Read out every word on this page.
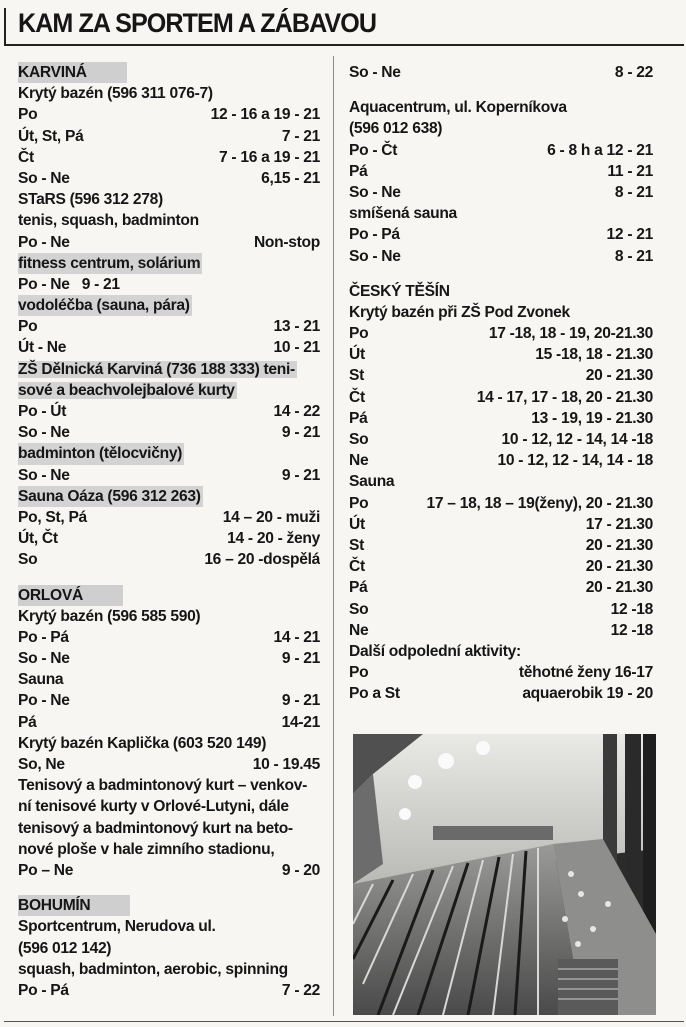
KAM ZA SPORTEM A ZÁBAVOU
KARVINÁ
Krytý bazén (596 311 076-7)
Po	12 - 16 a 19 - 21
Út, St, Pá	7 - 21
Čt	7 - 16 a 19 - 21
So - Ne	6,15 - 21
STaRS (596 312 278)
tenis, squash, badminton
Po - Ne	Non-stop
fitness centrum, solárium
Po - Ne   9 - 21
vodoléčba (sauna, pára)
Po	13 - 21
Út - Ne	10 - 21
ZŠ Dělnická Karviná (736 188 333) teni-
sové a beachvolejbalové kurty
Po - Út	14 - 22
So - Ne	9 - 21
badminton (tělocvičny)
So - Ne	9 - 21
Sauna Oáza (596 312 263)
Po, St, Pá	14 – 20 - muži
Út, Čt	14 - 20 - ženy
So	16 – 20 -dospělá
ORLOVÁ
Krytý bazén (596 585 590)
Po - Pá	14 - 21
So - Ne	9 - 21
Sauna
Po - Ne	9 - 21
Pá	14-21
Krytý bazén Kaplička (603 520 149)
So, Ne	10 - 19.45
Tenisový a badmintonový kurt – venkov-
ní tenisové kurty v Orlové-Lutyni, dále
tenisový a badmintonový kurt na beto-
nové ploše v hale zimního stadionu,
Po – Ne	9 - 20
BOHUMÍN
Sportcentrum, Nerudova ul.
(596 012 142)
squash, badminton, aerobic, spinning
Po - Pá	7 - 22
So - Ne	8 - 22
Aquacentrum, ul. Koperníkova
(596 012 638)
Po - Čt	6 - 8 h a 12 - 21
Pá	11 - 21
So - Ne	8 - 21
smíšená sauna
Po - Pá	12 - 21
So - Ne	8 - 21
ČESKÝ TĚŠÍN
Krytý bazén při ZŠ Pod Zvonek
Po	17 -18, 18 - 19, 20-21.30
Út	15 -18, 18 - 21.30
St	20 - 21.30
Čt	14 - 17, 17 - 18, 20 - 21.30
Pá	13 - 19, 19 - 21.30
So	10 - 12, 12 - 14, 14 -18
Ne	10 - 12, 12 - 14, 14 - 18
Sauna
Po	17 – 18, 18 – 19(ženy), 20 - 21.30
Út	17 - 21.30
St	20 - 21.30
Čt	20 - 21.30
Pá	20 - 21.30
So	12 -18
Ne	12 -18
Další odpolední aktivity:
Po	těhotné ženy 16-17
Po a St	aquaerobik 19 - 20
